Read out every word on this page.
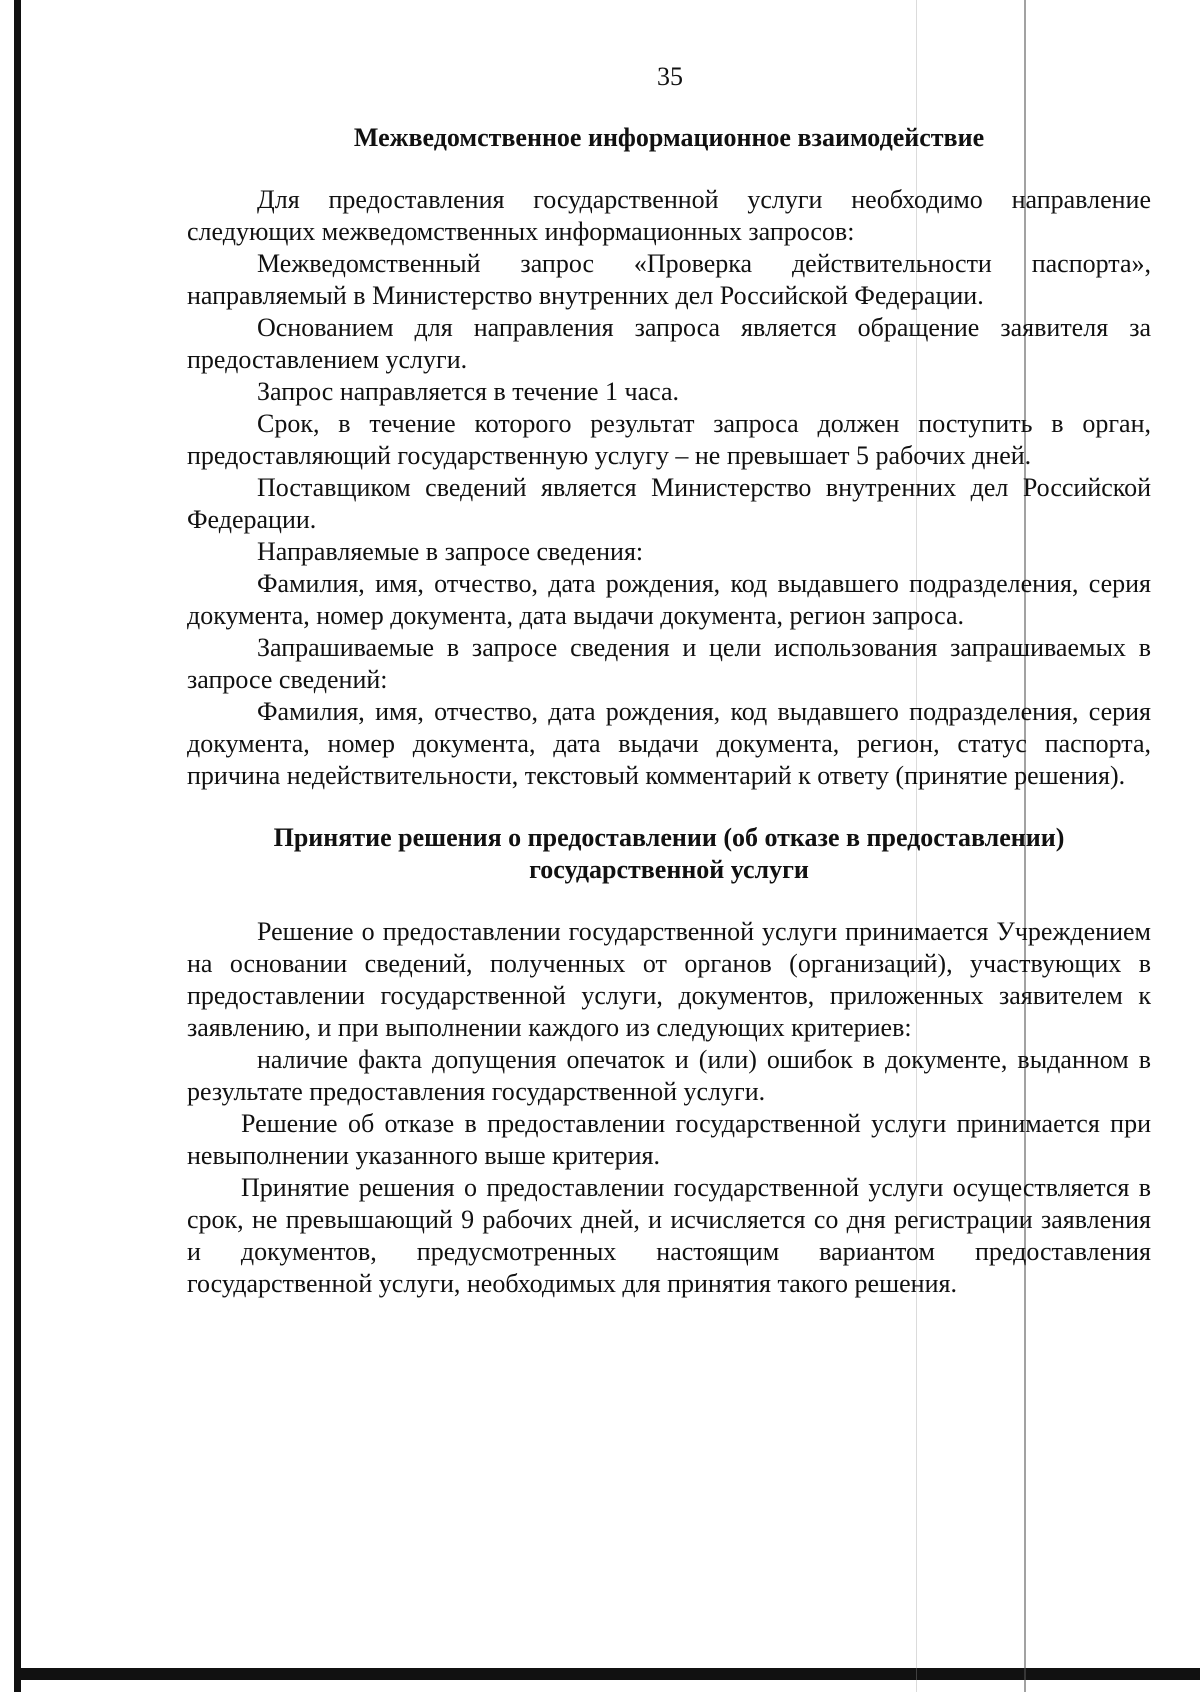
35

Межведомственное информационное взаимодействие

Для предоставления государственной услуги необходимо направление следующих межведомственных информационных запросов:

Межведомственный запрос «Проверка действительности паспорта», направляемый в Министерство внутренних дел Российской Федерации.

Основанием для направления запроса является обращение заявителя за предоставлением услуги.

Запрос направляется в течение 1 часа.

Срок, в течение которого результат запроса должен поступить в орган, предоставляющий государственную услугу – не превышает 5 рабочих дней.

Поставщиком сведений является Министерство внутренних дел Российской Федерации.

Направляемые в запросе сведения:

Фамилия, имя, отчество, дата рождения, код выдавшего подразделения, серия документа, номер документа, дата выдачи документа, регион запроса.

Запрашиваемые в запросе сведения и цели использования запрашиваемых в запросе сведений:

Фамилия, имя, отчество, дата рождения, код выдавшего подразделения, серия документа, номер документа, дата выдачи документа, регион, статус паспорта, причина недействительности, текстовый комментарий к ответу (принятие решения).

Принятие решения о предоставлении (об отказе в предоставлении)
государственной услуги

Решение о предоставлении государственной услуги принимается Учреждением на основании сведений, полученных от органов (организаций), участвующих в предоставлении государственной услуги, документов, приложенных заявителем к заявлению, и при выполнении каждого из следующих критериев:

наличие факта допущения опечаток и (или) ошибок в документе, выданном в результате предоставления государственной услуги.

Решение об отказе в предоставлении государственной услуги принимается при невыполнении указанного выше критерия.

Принятие решения о предоставлении государственной услуги осуществляется в срок, не превышающий 9 рабочих дней, и исчисляется со дня регистрации заявления и документов, предусмотренных настоящим вариантом предоставления государственной услуги, необходимых для принятия такого решения.
